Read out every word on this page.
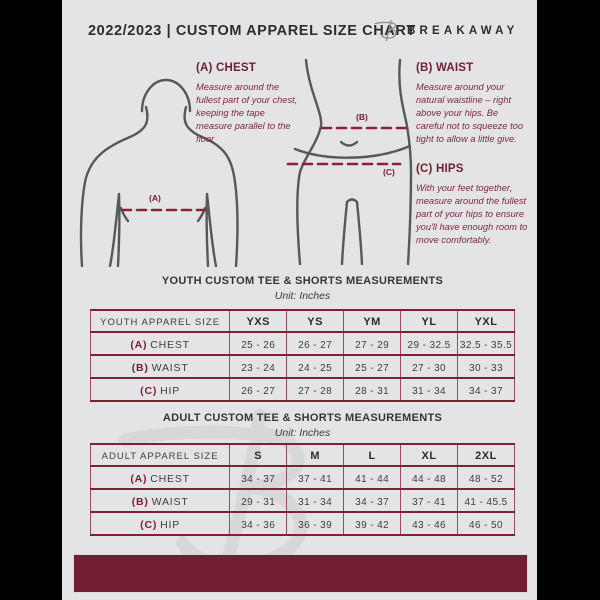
2022/2023 | CUSTOM APPAREL SIZE CHART
BREAKAWAY
(A)
(B)
(C)
(A) CHEST

Measure around the fullest part of your chest, keeping the tape measure parallel to the floor

(B) WAIST

Measure around your natural waistline – right above your hips. Be careful not to squeeze too tight to allow a little give.

(C) HIPS

With your feet together, measure around the fullest part of your hips to ensure you'll have enough room to move comfortably.

YOUTH CUSTOM TEE & SHORTS MEASUREMENTS
Unit: Inches
YOUTH APPAREL SIZE	YXS	YS	YM	YL	YXL
(A) CHEST	25 - 26	26 - 27	27 - 29	29 - 32.5	32.5 - 35.5
(B) WAIST	23 - 24	24 - 25	25 - 27	27 - 30	30 - 33
(C) HIP	26 - 27	27 - 28	28 - 31	31 - 34	34 - 37
ADULT CUSTOM TEE & SHORTS MEASUREMENTS
Unit: Inches
ADULT APPAREL SIZE	S	M	L	XL	2XL
(A) CHEST	34 - 37	37 - 41	41 - 44	44 - 48	48 - 52
(B) WAIST	29 - 31	31 - 34	34 - 37	37 - 41	41 - 45.5
(C) HIP	34 - 36	36 - 39	39 - 42	43 - 46	46 - 50
